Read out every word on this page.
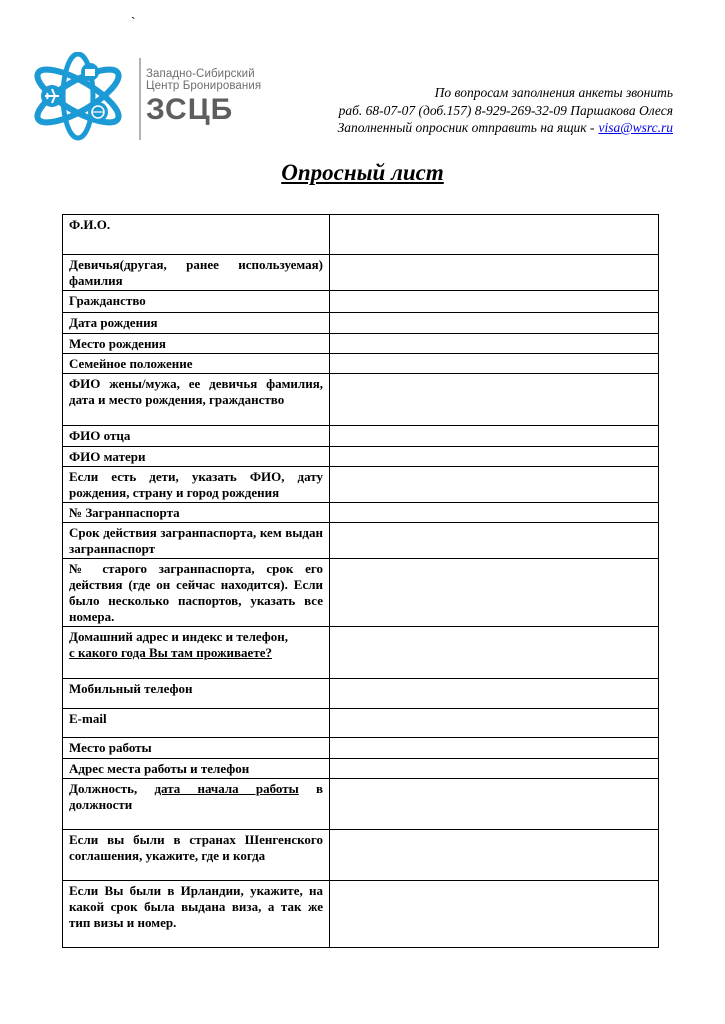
`
Западно-Сибирский
Центр Бронирования
ЗСЦБ
По вопросам заполнения анкеты звонить
раб. 68-07-07 (доб.157) 8-929-269-32-09 Паршакова Олеся
Заполненный опросник отправить на ящик - visa@wsrc.ru
Опросный лист
Ф.И.О.	
Девичья(другая, ранее используемая) фамилия	
Гражданство	
Дата рождения	
Место рождения	
Семейное положение	
ФИО жены/мужа, ее девичья фамилия, дата и место рождения, гражданство	
ФИО отца	
ФИО матери	
Если есть дети, указать ФИО, дату рождения, страну и город рождения	
№ Загранпаспорта	
Срок действия загранпаспорта, кем выдан загранпаспорт	
№ старого загранпаспорта, срок его действия (где он сейчас находится). Если было несколько паспортов, указать все номера.	
Домашний адрес и индекс и телефон,
с какого года Вы там проживаете?	
Мобильный телефон	
E-mail	
Место работы	
Адрес места работы и телефон	
Должность, дата начала работы в должности	
Если вы были в странах Шенгенского соглашения, укажите, где и когда	
Если Вы были в Ирландии, укажите, на какой срок была выдана виза, а так же тип визы и номер.	
